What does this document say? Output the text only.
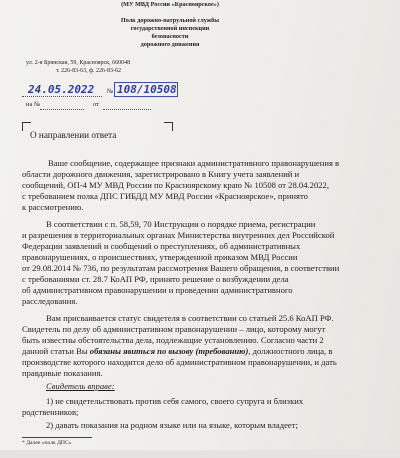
(МУ МВД России «Красноярское»)
Полк дорожно-патрульной службы
государственной инспекции
безопасности
дорожного движения
ул. 2-я Брянская, 59, Красноярск, 660048
т. 226-83-63, ф. 226-83-62
24.05.2022 № 108/10508
на №	от
О направлении ответа
Ваше сообщение, содержащее признаки административного правонарушения в
области дорожного движения, зарегистрировано в Книгу учета заявлений и
сообщений, ОП-4 МУ МВД России по Красноярскому краю № 10508 от 28.04.2022,
с требованием полка ДПС ГИБДД МУ МВД России «Красноярское», принято
к рассмотрению.
В соответствии с п. 58,59, 70 Инструкции о порядке приема, регистрации
и разрешения в территориальных органах Министерства внутренних дел Российской
Федерации заявлений и сообщений о преступлениях, об административных
правонарушениях, о происшествиях, утвержденной приказом МВД России
от 29.08.2014 № 736, по результатам рассмотрения Вашего обращения, в соответствии
с требованиями ст. 28.7 КоАП РФ, принято решение о возбуждении дела
об административном правонарушении и проведении административного
расследования.
Вам присваивается статус свидетеля в соответствии со статьей 25.6 КоАП РФ.
Свидетель по делу об административном правонарушении – лицо, которому могут
быть известны обстоятельства дела, подлежащие установлению. Согласно части 2
данной статьи Вы обязаны явиться по вызову (требованию), должностного лица, в
производстве которого находится дело об административном правонарушении, и дать
правдивые показания.
Свидетель вправе:
1) не свидетельствовать против себя самого, своего супруга и близких
родственников;
2) давать показания на родном языке или на языке, которым владеет;
* Далее «полк ДПС»
